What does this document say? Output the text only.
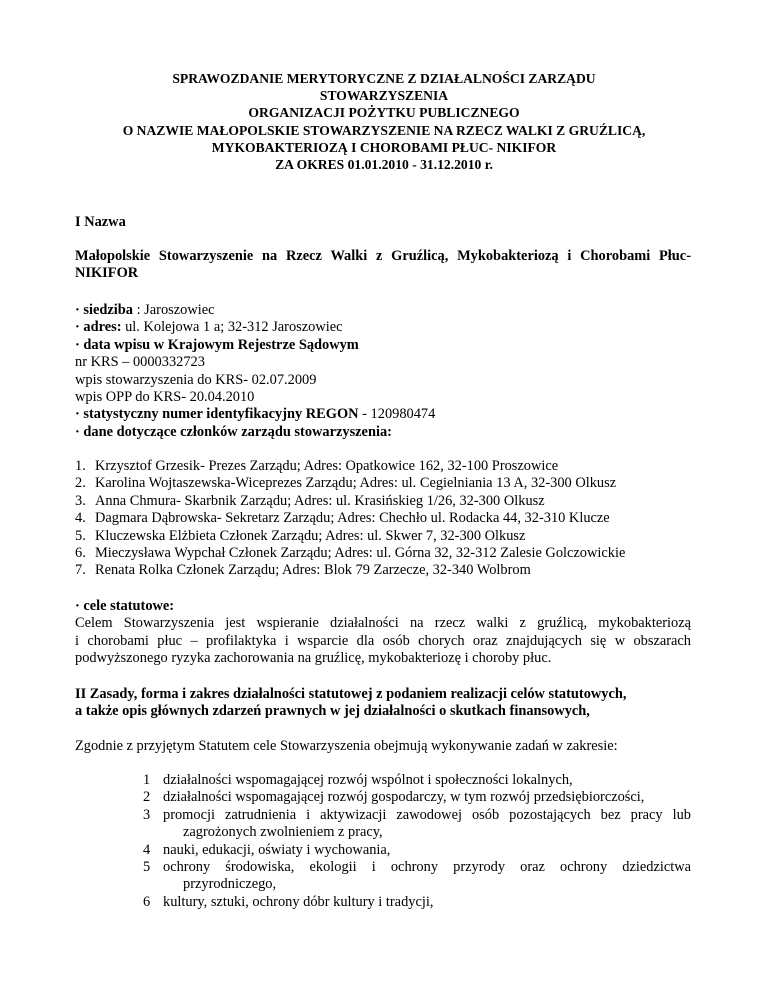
SPRAWOZDANIE MERYTORYCZNE Z DZIAŁALNOŚCI ZARZĄDU
STOWARZYSZENIA
ORGANIZACJI POŻYTKU PUBLICZNEGO
O NAZWIE MAŁOPOLSKIE STOWARZYSZENIE NA RZECZ WALKI Z GRUŹLICĄ,
MYKOBAKTERIOZĄ I CHOROBAMI PŁUC- NIKIFOR
ZA OKRES 01.01.2010 - 31.12.2010 r.
I Nazwa
Małopolskie Stowarzyszenie na Rzecz Walki z Gruźlicą, Mykobakteriozą i Chorobami Płuc-
NIKIFOR
· siedziba : Jaroszowiec
· adres: ul. Kolejowa 1 a; 32-312 Jaroszowiec
· data wpisu w Krajowym Rejestrze Sądowym
nr KRS – 0000332723
wpis stowarzyszenia do KRS- 02.07.2009
wpis OPP do KRS- 20.04.2010
· statystyczny numer identyfikacyjny REGON - 120980474
· dane dotyczące członków zarządu stowarzyszenia:
1. Krzysztof Grzesik- Prezes Zarządu; Adres: Opatkowice 162, 32-100 Proszowice
2. Karolina Wojtaszewska-Wiceprezes Zarządu; Adres: ul. Cegielniania 13 A, 32-300 Olkusz
3. Anna Chmura- Skarbnik Zarządu; Adres: ul. Krasińskieg 1/26, 32-300 Olkusz
4. Dagmara Dąbrowska- Sekretarz Zarządu; Adres: Chechło ul. Rodacka 44, 32-310 Klucze
5. Kluczewska Elżbieta Członek Zarządu; Adres: ul. Skwer 7, 32-300 Olkusz
6. Mieczysława Wypchał Członek Zarządu; Adres: ul. Górna 32, 32-312 Zalesie Golczowickie
7. Renata Rolka Członek Zarządu; Adres: Blok 79 Zarzecze, 32-340 Wolbrom
· cele statutowe:
Celem Stowarzyszenia jest wspieranie działalności na rzecz walki z gruźlicą, mykobakteriozą
i chorobami płuc – profilaktyka i wsparcie dla osób chorych oraz znajdujących się w obszarach
podwyższonego ryzyka zachorowania na gruźlicę, mykobakteriozę i choroby płuc.
II Zasady, forma i zakres działalności statutowej z podaniem realizacji celów statutowych,
a także opis głównych zdarzeń prawnych w jej działalności o skutkach finansowych,
Zgodnie z przyjętym Statutem cele Stowarzyszenia obejmują wykonywanie zadań w zakresie:
1 działalności wspomagającej rozwój wspólnot i społeczności lokalnych,
2 działalności wspomagającej rozwój gospodarczy, w tym rozwój przedsiębiorczości,
3 promocji zatrudnienia i aktywizacji zawodowej osób pozostających bez pracy lub
zagrożonych zwolnieniem z pracy,
4 nauki, edukacji, oświaty i wychowania,
5 ochrony środowiska, ekologii i ochrony przyrody oraz ochrony dziedzictwa
przyrodniczego,
6 kultury, sztuki, ochrony dóbr kultury i tradycji,
